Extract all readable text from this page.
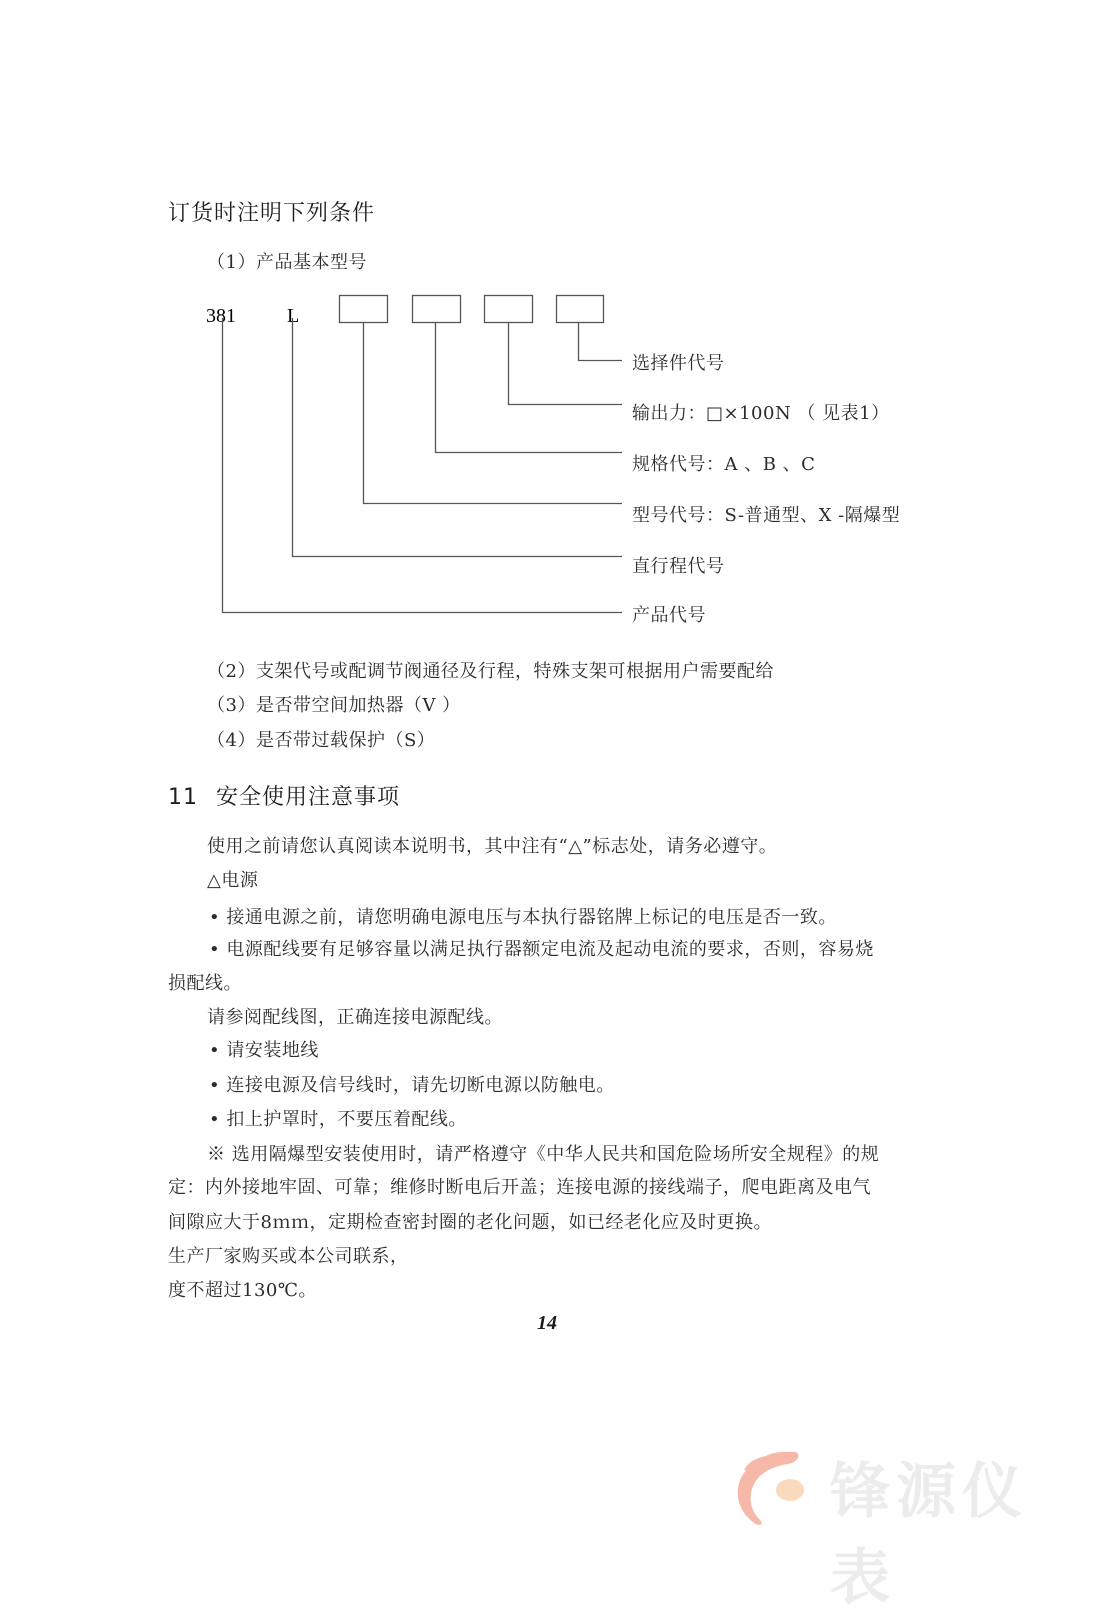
订货时注明下列条件
（1）产品基本型号
381	L
选择件代号
输出力：□×100N （ 见表1）
规格代号：A 、B 、C
型号代号：S-普通型、X -隔爆型
直行程代号
产品代号
（2）支架代号或配调节阀通径及行程，特殊支架可根据用户需要配给
（3）是否带空间加热器（V ）
（4）是否带过载保护（S）
11 安全使用注意事项
使用之前请您认真阅读本说明书，其中注有“△”标志处，请务必遵守。
△电源
• 接通电源之前，请您明确电源电压与本执行器铭牌上标记的电压是否一致。
• 电源配线要有足够容量以满足执行器额定电流及起动电流的要求，否则，容易烧
损配线。
请参阅配线图，正确连接电源配线。
• 请安装地线
• 连接电源及信号线时，请先切断电源以防触电。
• 扣上护罩时，不要压着配线。
※ 选用隔爆型安装使用时，请严格遵守《中华人民共和国危险场所安全规程》的规
定：内外接地牢固、可靠；维修时断电后开盖；连接电源的接线端子，爬电距离及电气
间隙应大于8ｍｍ，定期检查密封圈的老化问题，如已经老化应及时更换。
生产厂家购买或本公司联系，
度不超过130℃。
14
锋源仪表
